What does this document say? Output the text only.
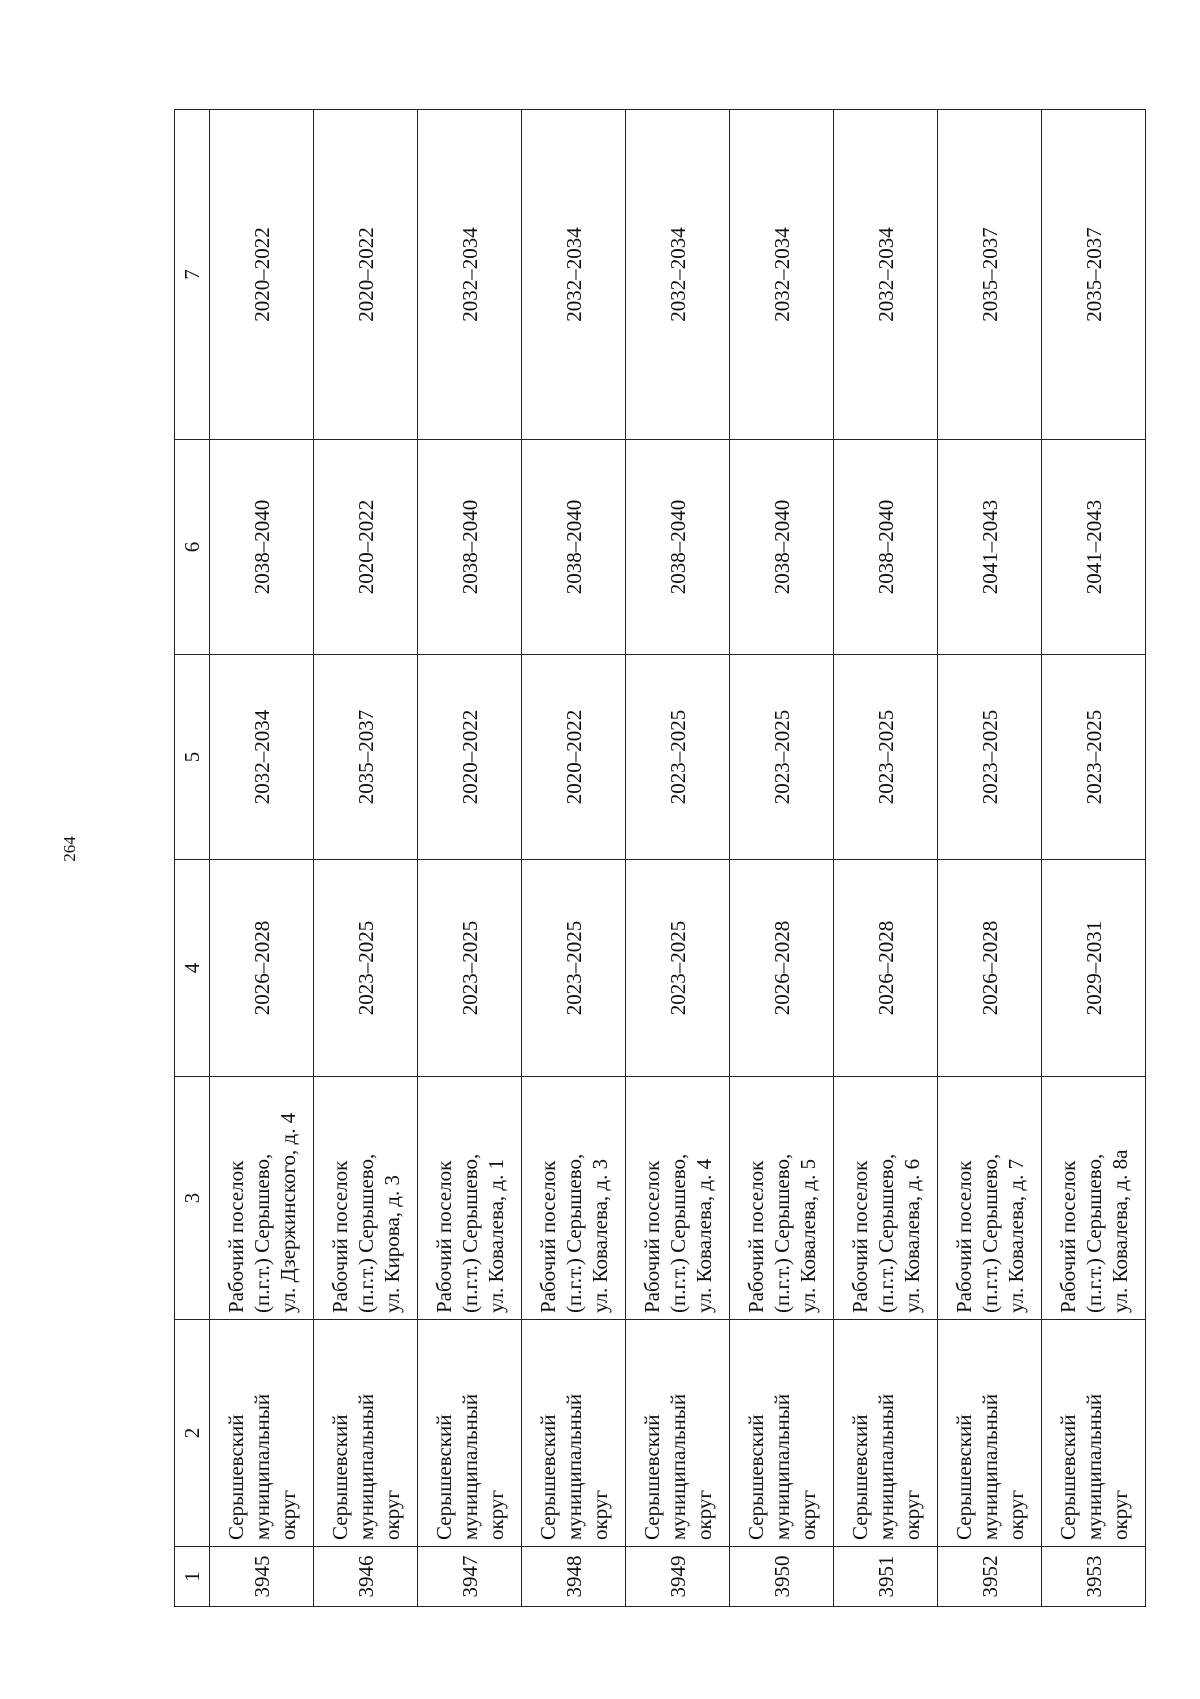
264
1	2	3	4	5	6	7
3945	Серышевский
муниципальный
округ	Рабочий поселок
(п.г.т.) Серышево,
ул. Дзержинского, д. 4	2026–2028	2032–2034	2038–2040	2020–2022
3946	Серышевский
муниципальный
округ	Рабочий поселок
(п.г.т.) Серышево,
ул. Кирова, д. 3	2023–2025	2035–2037	2020–2022	2020–2022
3947	Серышевский
муниципальный
округ	Рабочий поселок
(п.г.т.) Серышево,
ул. Ковалева, д. 1	2023–2025	2020–2022	2038–2040	2032–2034
3948	Серышевский
муниципальный
округ	Рабочий поселок
(п.г.т.) Серышево,
ул. Ковалева, д. 3	2023–2025	2020–2022	2038–2040	2032–2034
3949	Серышевский
муниципальный
округ	Рабочий поселок
(п.г.т.) Серышево,
ул. Ковалева, д. 4	2023–2025	2023–2025	2038–2040	2032–2034
3950	Серышевский
муниципальный
округ	Рабочий поселок
(п.г.т.) Серышево,
ул. Ковалева, д. 5	2026–2028	2023–2025	2038–2040	2032–2034
3951	Серышевский
муниципальный
округ	Рабочий поселок
(п.г.т.) Серышево,
ул. Ковалева, д. 6	2026–2028	2023–2025	2038–2040	2032–2034
3952	Серышевский
муниципальный
округ	Рабочий поселок
(п.г.т.) Серышево,
ул. Ковалева, д. 7	2026–2028	2023–2025	2041–2043	2035–2037
3953	Серышевский
муниципальный
округ	Рабочий поселок
(п.г.т.) Серышево,
ул. Ковалева, д. 8а	2029–2031	2023–2025	2041–2043	2035–2037
